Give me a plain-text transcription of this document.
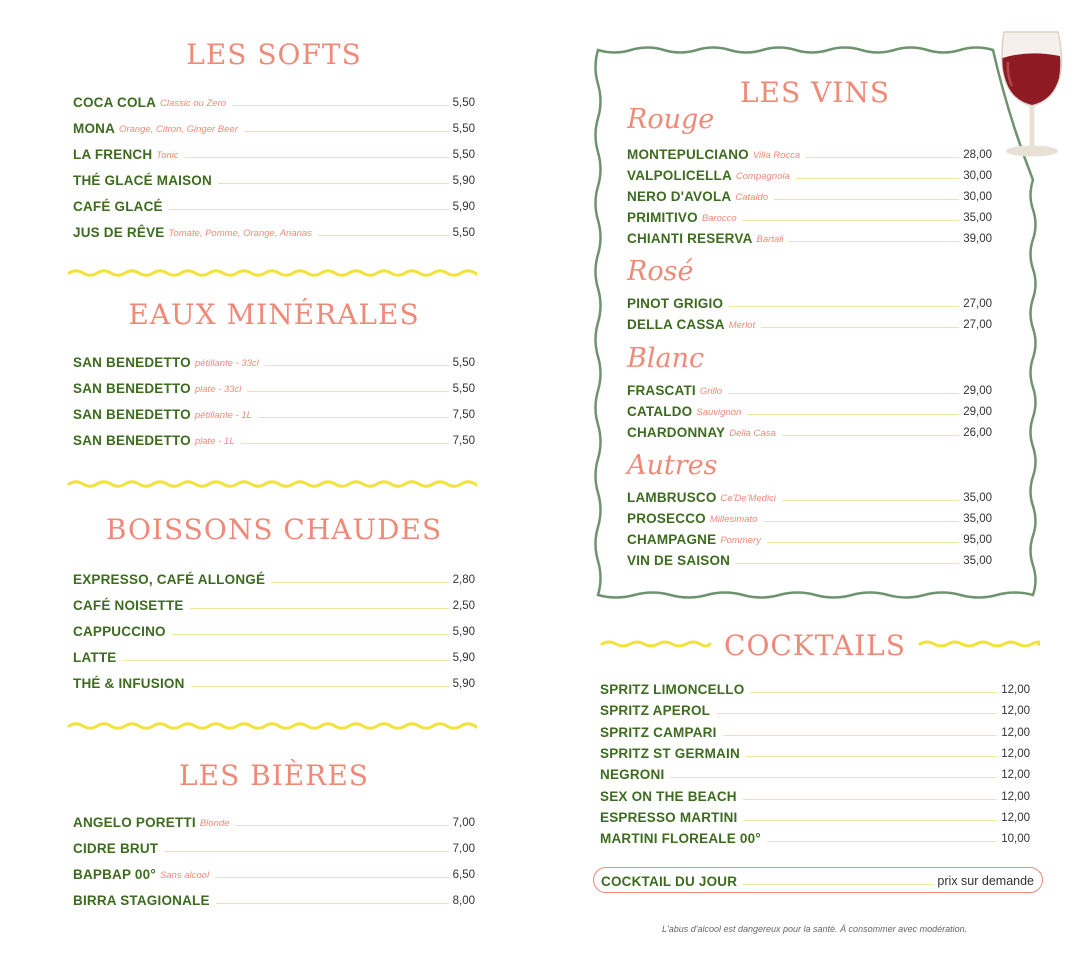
LES SOFTS
EAUX MINÉRALES
BOISSONS CHAUDES
LES BIÈRES
LES VINS
Rouge
Rosé
Blanc
Autres
COCKTAILS
COCKTAIL DU JOUR	prix sur demande
L'abus d'alcool est dangereux pour la santé. À consommer avec modération.
COCA COLA Classic ou Zero	5,50
MONA Orange, Citron, Ginger Beer	5,50
LA FRENCH Tonic	5,50
THÉ GLACÉ MAISON	5,90
CAFÉ GLACÉ	5,90
JUS DE RÊVE Tomate, Pomme, Orange, Ananas	5,50
SAN BENEDETTO pétillante - 33cl	5,50
SAN BENEDETTO plate - 33cl	5,50
SAN BENEDETTO pétillante - 1L	7,50
SAN BENEDETTO plate - 1L	7,50
EXPRESSO, CAFÉ ALLONGÉ	2,80
CAFÉ NOISETTE	2,50
CAPPUCCINO	5,90
LATTE	5,90
THÉ & INFUSION	5,90
ANGELO PORETTI Blonde	7,00
CIDRE BRUT	7,00
BAPBAP 00° Sans alcool	6,50
BIRRA STAGIONALE	8,00
MONTEPULCIANO Villa Rocca	28,00
VALPOLICELLA Compagnola	30,00
NERO D'AVOLA Cataldo	30,00
PRIMITIVO Barocco	35,00
CHIANTI RESERVA Bartali	39,00
PINOT GRIGIO	27,00
DELLA CASSA Merlot	27,00
FRASCATI Grillo	29,00
CATALDO Sauvignon	29,00
CHARDONNAY Della Casa	26,00
LAMBRUSCO Ce'De'Medici	35,00
PROSECCO Millesimato	35,00
CHAMPAGNE Pommery	95,00
VIN DE SAISON	35,00
SPRITZ LIMONCELLO	12,00
SPRITZ APEROL	12,00
SPRITZ CAMPARI	12,00
SPRITZ ST GERMAIN	12,00
NEGRONI	12,00
SEX ON THE BEACH	12,00
ESPRESSO MARTINI	12,00
MARTINI FLOREALE 00°	10,00
